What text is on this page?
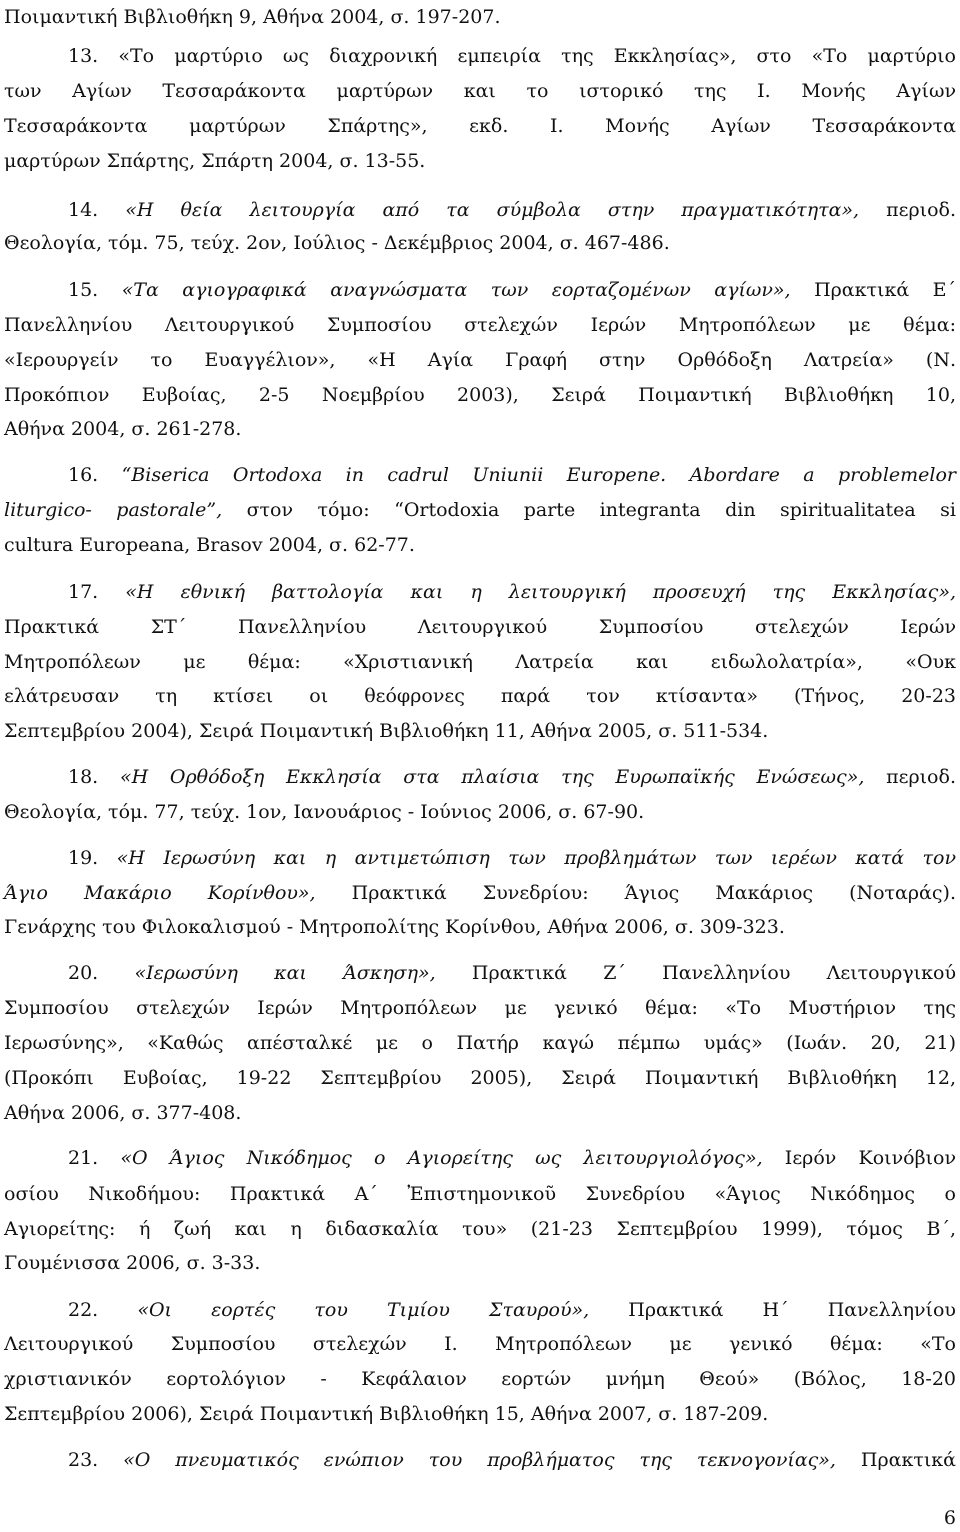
Ποιμαντική Βιβλιοθήκη 9, Αθήνα 2004, σ. 197-207.
13. «Το μαρτύριο ως διαχρονική εμπειρία της Εκκλησίας», στο «Το μαρτύριο
των Αγίων Τεσσαράκοντα μαρτύρων και το ιστορικό της Ι. Μονής Αγίων
Τεσσαράκοντα μαρτύρων Σπάρτης», εκδ. Ι. Μονής Αγίων Τεσσαράκοντα
μαρτύρων Σπάρτης, Σπάρτη 2004, σ. 13-55.
14. «Η θεία λειτουργία από τα σύμβολα στην πραγματικότητα», περιοδ.
Θεολογία, τόμ. 75, τεύχ. 2ον, Ιούλιος - Δεκέμβριος 2004, σ. 467-486.
15. «Τα αγιογραφικά αναγνώσματα των εορταζομένων αγίων», Πρακτικά Ε΄
Πανελληνίου Λειτουργικού Συμποσίου στελεχών Ιερών Μητροπόλεων με θέμα:
«Ιερουργείν το Ευαγγέλιον», «Η Αγία Γραφή στην Ορθόδοξη Λατρεία» (Ν.
Προκόπιον Ευβοίας, 2-5 Νοεμβρίου 2003), Σειρά Ποιμαντική Βιβλιοθήκη 10,
Αθήνα 2004, σ. 261-278.
16. “Biserica Ortodoxa in cadrul Uniunii Europene. Abordare a problemelor
liturgico- pastorale”, στον τόμο: “Ortodoxia parte integranta din spiritualitatea si
cultura Europeana, Brasov 2004, σ. 62-77.
17. «Η εθνική βαττολογία και η λειτουργική προσευχή της Εκκλησίας»,
Πρακτικά ΣΤ΄ Πανελληνίου Λειτουργικού Συμποσίου στελεχών Ιερών
Μητροπόλεων με θέμα: «Χριστιανική Λατρεία και ειδωλολατρία», «Ουκ
ελάτρευσαν τη κτίσει οι θεόφρονες παρά τον κτίσαντα» (Τήνος, 20-23
Σεπτεμβρίου 2004), Σειρά Ποιμαντική Βιβλιοθήκη 11, Αθήνα 2005, σ. 511-534.
18. «Η Ορθόδοξη Εκκλησία στα πλαίσια της Ευρωπαϊκής Ενώσεως», περιοδ.
Θεολογία, τόμ. 77, τεύχ. 1ον, Ιανουάριος - Ιούνιος 2006, σ. 67-90.
19. «Η Ιερωσύνη και η αντιμετώπιση των προβλημάτων των ιερέων κατά τον
Άγιο Μακάριο Κορίνθου», Πρακτικά Συνεδρίου: Άγιος Μακάριος (Νοταράς).
Γενάρχης του Φιλοκαλισμού - Μητροπολίτης Κορίνθου, Αθήνα 2006, σ. 309-323.
20. «Ιερωσύνη και Άσκηση», Πρακτικά Ζ΄ Πανελληνίου Λειτουργικού
Συμποσίου στελεχών Ιερών Μητροπόλεων με γενικό θέμα: «Το Μυστήριον της
Ιερωσύνης», «Καθώς απέσταλκέ με ο Πατήρ καγώ πέμπω υμάς» (Ιωάν. 20, 21)
(Προκόπι Ευβοίας, 19-22 Σεπτεμβρίου 2005), Σειρά Ποιμαντική Βιβλιοθήκη 12,
Αθήνα 2006, σ. 377-408.
21. «Ο Άγιος Νικόδημος ο Αγιορείτης ως λειτουργιολόγος», Ιερόν Κοινόβιον
οσίου Νικοδήμου: Πρακτικά Α΄ Ἐπιστημονικοῦ Συνεδρίου «Άγιος Νικόδημος ο
Αγιορείτης: ή ζωή και η διδασκαλία του» (21-23 Σεπτεμβρίου 1999), τόμος Β΄,
Γουμένισσα 2006, σ. 3-33.
22. «Οι εορτές του Τιμίου Σταυρού», Πρακτικά Η΄ Πανελληνίου
Λειτουργικού Συμποσίου στελεχών Ι. Μητροπόλεων με γενικό θέμα: «Το
χριστιανικόν εορτολόγιον - Κεφάλαιον εορτών μνήμη Θεού» (Βόλος, 18-20
Σεπτεμβρίου 2006), Σειρά Ποιμαντική Βιβλιοθήκη 15, Αθήνα 2007, σ. 187-209.
23. «Ο πνευματικός ενώπιον του προβλήματος της τεκνογονίας», Πρακτικά
6
